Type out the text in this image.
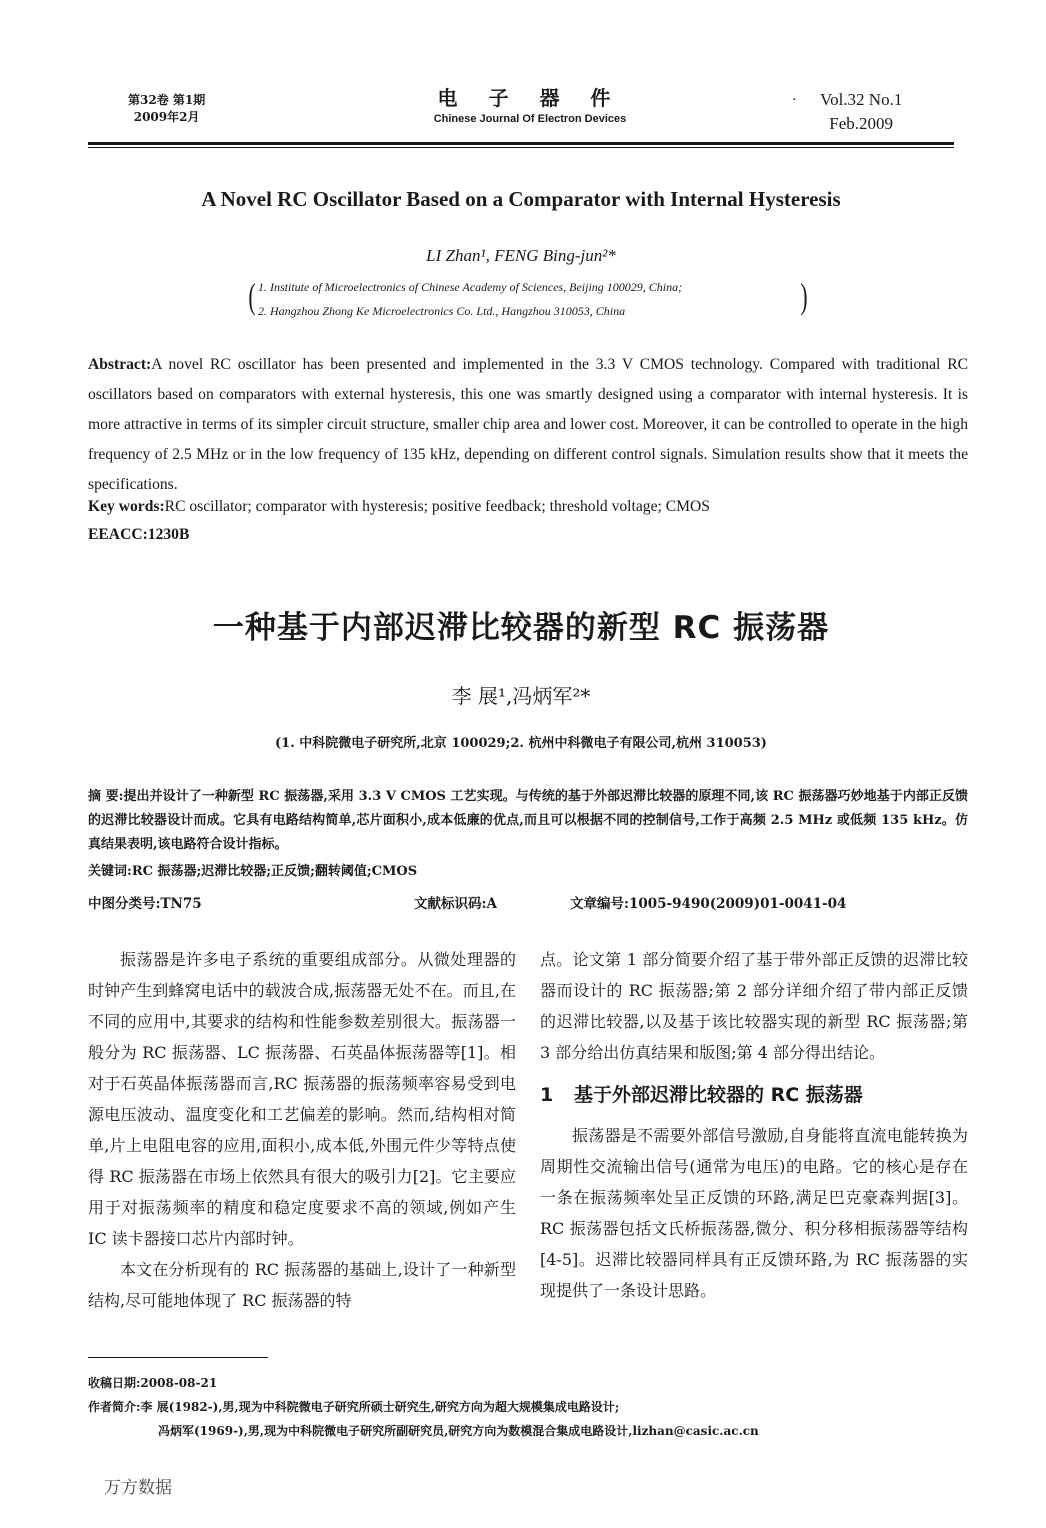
第32卷 第1期
2009年2月
电 子 器 件
Chinese Journal Of Electron Devices
· Vol.32 No.1
Feb.2009
A Novel RC Oscillator Based on a Comparator with Internal Hysteresis
LI Zhan¹, FENG Bing-jun²*
( 1. Institute of Microelectronics of Chinese Academy of Sciences, Beijing 100029, China;
2. Hangzhou Zhong Ke Microelectronics Co. Ltd., Hangzhou 310053, China	)
Abstract:A novel RC oscillator has been presented and implemented in the 3.3 V CMOS technology. Compared with traditional RC oscillators based on comparators with external hysteresis, this one was smartly designed using a comparator with internal hysteresis. It is more attractive in terms of its simpler circuit structure, smaller chip area and lower cost. Moreover, it can be controlled to operate in the high frequency of 2.5 MHz or in the low frequency of 135 kHz, depending on different control signals. Simulation results show that it meets the specifications.
Key words:RC oscillator; comparator with hysteresis; positive feedback; threshold voltage; CMOS
EEACC:1230B
一种基于内部迟滞比较器的新型 RC 振荡器
李 展¹,冯炳军²*
(1. 中科院微电子研究所,北京 100029;2. 杭州中科微电子有限公司,杭州 310053)
摘 要:提出并设计了一种新型 RC 振荡器,采用 3.3 V CMOS 工艺实现。与传统的基于外部迟滞比较器的原理不同,该 RC 振荡器巧妙地基于内部正反馈的迟滞比较器设计而成。它具有电路结构简单,芯片面积小,成本低廉的优点,而且可以根据不同的控制信号,工作于高频 2.5 MHz 或低频 135 kHz。仿真结果表明,该电路符合设计指标。
关键词:RC 振荡器;迟滞比较器;正反馈;翻转阈值;CMOS
中图分类号:TN75	文献标识码:A	文章编号:1005-9490(2009)01-0041-04

振荡器是许多电子系统的重要组成部分。从微处理器的时钟产生到蜂窝电话中的载波合成,振荡器无处不在。而且,在不同的应用中,其要求的结构和性能参数差别很大。振荡器一般分为 RC 振荡器、LC 振荡器、石英晶体振荡器等[1]。相对于石英晶体振荡器而言,RC 振荡器的振荡频率容易受到电源电压波动、温度变化和工艺偏差的影响。然而,结构相对简单,片上电阻电容的应用,面积小,成本低,外围元件少等特点使得 RC 振荡器在市场上依然具有很大的吸引力[2]。它主要应用于对振荡频率的精度和稳定度要求不高的领域,例如产生 IC 读卡器接口芯片内部时钟。

本文在分析现有的 RC 振荡器的基础上,设计了一种新型结构,尽可能地体现了 RC 振荡器的特

点。论文第 1 部分简要介绍了基于带外部正反馈的迟滞比较器而设计的 RC 振荡器;第 2 部分详细介绍了带内部正反馈的迟滞比较器,以及基于该比较器实现的新型 RC 振荡器;第 3 部分给出仿真结果和版图;第 4 部分得出结论。

1 基于外部迟滞比较器的 RC 振荡器

振荡器是不需要外部信号激励,自身能将直流电能转换为周期性交流输出信号(通常为电压)的电路。它的核心是存在一条在振荡频率处呈正反馈的环路,满足巴克豪森判据[3]。RC 振荡器包括文氏桥振荡器,微分、积分移相振荡器等结构[4-5]。迟滞比较器同样具有正反馈环路,为 RC 振荡器的实现提供了一条设计思路。

收稿日期:2008-08-21
作者简介:李 展(1982-),男,现为中科院微电子研究所硕士研究生,研究方向为超大规模集成电路设计;
冯炳军(1969-),男,现为中科院微电子研究所副研究员,研究方向为数模混合集成电路设计,lizhan@casic.ac.cn
万方数据
